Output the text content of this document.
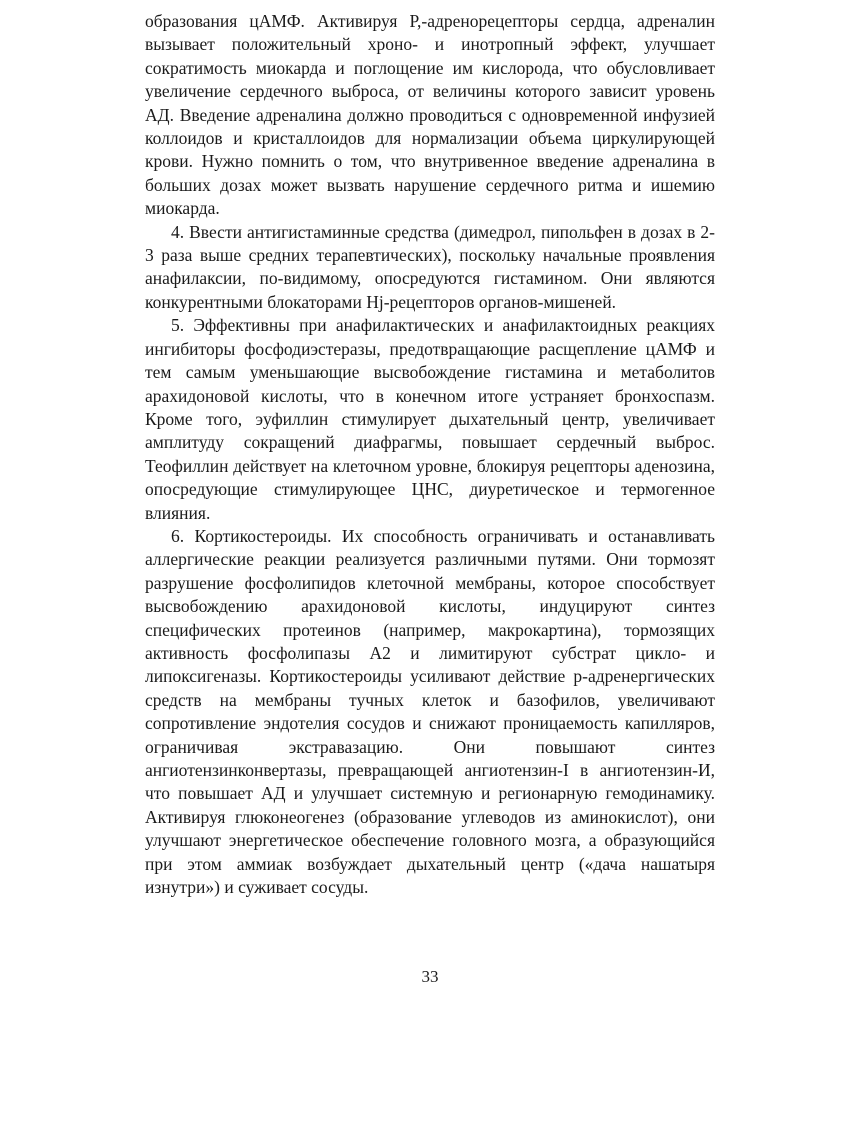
образования цАМФ. Активируя Р,-адренорецепторы сердца, адреналин вызывает положительный хроно- и инотропный эффект, улучшает сократимость миокарда и поглощение им кислорода, что обусловливает увеличение сердечного выброса, от величины которого зависит уровень АД. Введение адреналина должно проводиться с одновременной инфузией коллоидов и кристаллоидов для нормализации объема циркулирующей крови. Нужно помнить о том, что внутривенное введение адреналина в больших дозах может вызвать нарушение сердечного ритма и ишемию миокарда.

4. Ввести антигистаминные средства (димедрол, пипольфен в дозах в 2-3 раза выше средних терапевтических), поскольку начальные проявления анафилаксии, по-видимому, опосредуются гистамином. Они являются конкурентными блокаторами Hj-рецепторов органов-мишеней.

5. Эффективны при анафилактических и анафилактоидных реакциях ингибиторы фосфодиэстеразы, предотвращающие расщепление цАМФ и тем самым уменьшающие высвобождение гистамина и метаболитов арахидоновой кислоты, что в конечном итоге устраняет бронхоспазм. Кроме того, эуфиллин стимулирует дыхательный центр, увеличивает амплитуду сокращений диафрагмы, повышает сердечный выброс. Теофиллин действует на клеточном уровне, блокируя рецепторы аденозина, опосредующие стимулирующее ЦНС, диуретическое и термогенное влияния.

6. Кортикостероиды. Их способность ограничивать и останавливать аллергические реакции реализуется различными путями. Они тормозят разрушение фосфолипидов клеточной мембраны, которое способствует высвобождению арахидоновой кислоты, индуцируют синтез специфических протеинов (например, макрокартина), тормозящих активность фосфолипазы А2 и лимитируют субстрат цикло- и липоксигеназы. Кортикостероиды усиливают действие р-адренергических средств на мембраны тучных клеток и базофилов, увеличивают сопротивление эндотелия сосудов и снижают проницаемость капилляров, ограничивая экстравазацию. Они повышают синтез ангиотензинконвертазы, превращающей ангиотензин-I в ангиотензин-И, что повышает АД и улучшает системную и регионарную гемодинамику. Активируя глюконеогенез (образование углеводов из аминокислот), они улучшают энергетическое обеспечение головного мозга, а образующийся при этом аммиак возбуждает дыхательный центр («дача нашатыря изнутри») и суживает сосуды.

33
